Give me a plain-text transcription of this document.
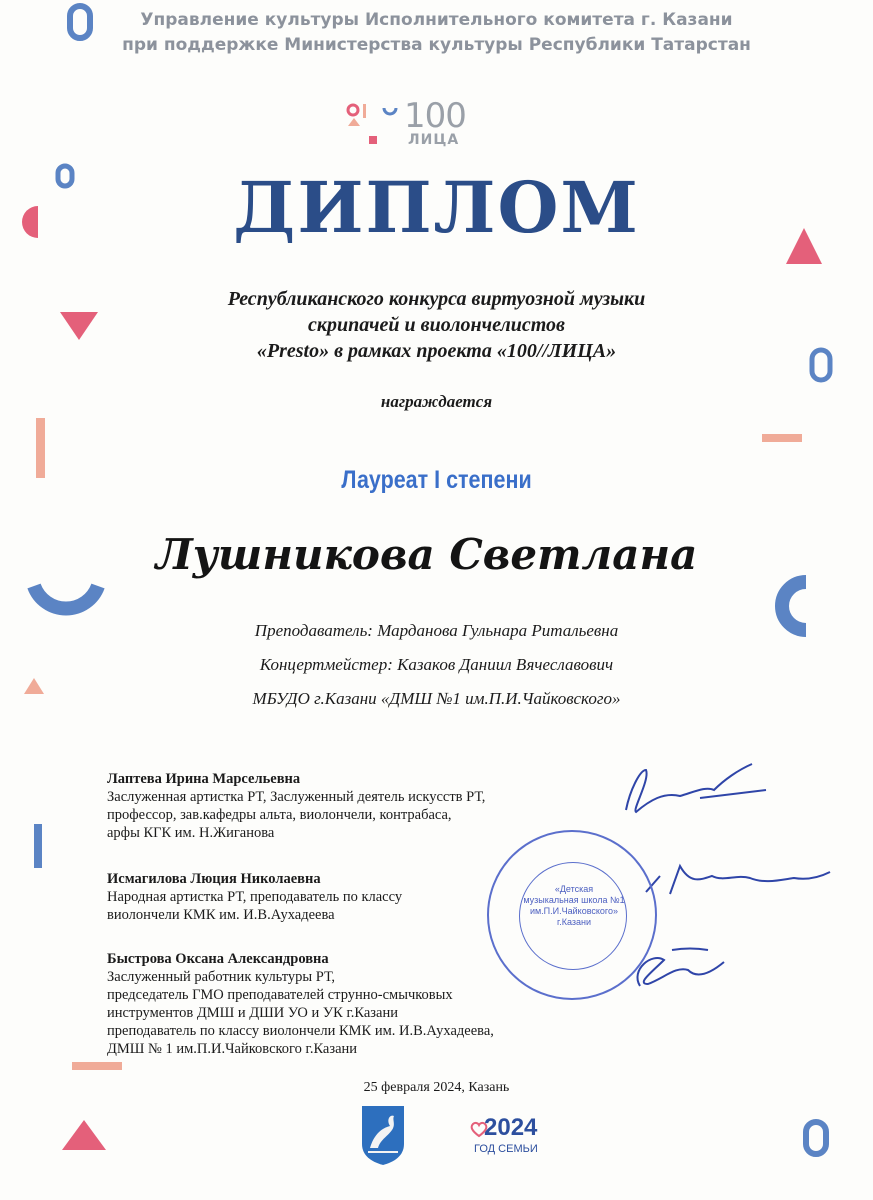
Управление культуры Исполнительного комитета г. Казани
при поддержке Министерства культуры Республики Татарстан
100
ЛИЦА
ДИПЛОМ
Республиканского конкурса виртуозной музыки
скрипачей и виолончелистов
«Presto» в рамках проекта «100//ЛИЦА»
награждается
Лауреат I степени
Лушникова Светлана
Преподаватель: Марданова Гульнара Ритальевна
Концертмейстер: Казаков Даниил Вячеславович
МБУДО г.Казани «ДМШ №1 им.П.И.Чайковского»
Лаптева Ирина Марсельевна
Заслуженная артистка РТ, Заслуженный деятель искусств РТ,
профессор, зав.кафедры альта, виолончели, контрабаса,
арфы КГК им. Н.Жиганова
Исмагилова Люция Николаевна
Народная артистка РТ, преподаватель по классу
виолончели КМК им. И.В.Аухадеева
Быстрова Оксана Александровна
Заслуженный работник культуры РТ,
председатель ГМО преподавателей струнно-смычковых
инструментов ДМШ и ДШИ УО и УК г.Казани
преподаватель по классу виолончели КМК им. И.В.Аухадеева,
ДМШ № 1 им.П.И.Чайковского г.Казани
«Детская
музыкальная школа №1
им.П.И.Чайковского»
г.Казани
25 февраля 2024, Казань
2024
ГОД СЕМЬИ
